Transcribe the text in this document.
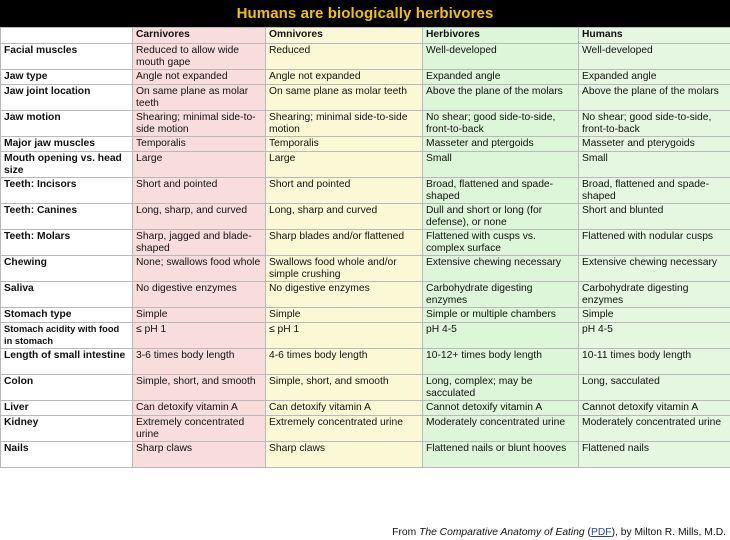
Humans are biologically herbivores
	Carnivores	Omnivores	Herbivores	Humans
Facial muscles	Reduced to allow wide mouth gape	Reduced	Well-developed	Well-developed
Jaw type	Angle not expanded	Angle not expanded	Expanded angle	Expanded angle
Jaw joint location	On same plane as molar teeth	On same plane as molar teeth	Above the plane of the molars	Above the plane of the molars
Jaw motion	Shearing; minimal side-to-side motion	Shearing; minimal side-to-side motion	No shear; good side-to-side, front-to-back	No shear; good side-to-side, front-to-back
Major jaw muscles	Temporalis	Temporalis	Masseter and ptergoids	Masseter and pterygoids
Mouth opening vs. head size	Large	Large	Small	Small
Teeth: Incisors	Short and pointed	Short and pointed	Broad, flattened and spade-shaped	Broad, flattened and spade-shaped
Teeth: Canines	Long, sharp, and curved	Long, sharp and curved	Dull and short or long (for defense), or none	Short and blunted
Teeth: Molars	Sharp, jagged and blade-shaped	Sharp blades and/or flattened	Flattened with cusps vs. complex surface	Flattened with nodular cusps
Chewing	None; swallows food whole	Swallows food whole and/or simple crushing	Extensive chewing necessary	Extensive chewing necessary
Saliva	No digestive enzymes	No digestive enzymes	Carbohydrate digesting enzymes	Carbohydrate digesting enzymes
Stomach type	Simple	Simple	Simple or multiple chambers	Simple
Stomach acidity with food in stomach	≤ pH 1	≤ pH 1	pH 4-5	pH 4-5
Length of small intestine	3-6 times body length	4-6 times body length	10-12+ times body length	10-11 times body length
Colon	Simple, short, and smooth	Simple, short, and smooth	Long, complex; may be sacculated	Long, sacculated
Liver	Can detoxify vitamin A	Can detoxify vitamin A	Cannot detoxify vitamin A	Cannot detoxify vitamin A
Kidney	Extremely concentrated urine	Extremely concentrated urine	Moderately concentrated urine	Moderately concentrated urine
Nails	Sharp claws	Sharp claws	Flattened nails or blunt hooves	Flattened nails
From The Comparative Anatomy of Eating (PDF), by Milton R. Mills, M.D.
